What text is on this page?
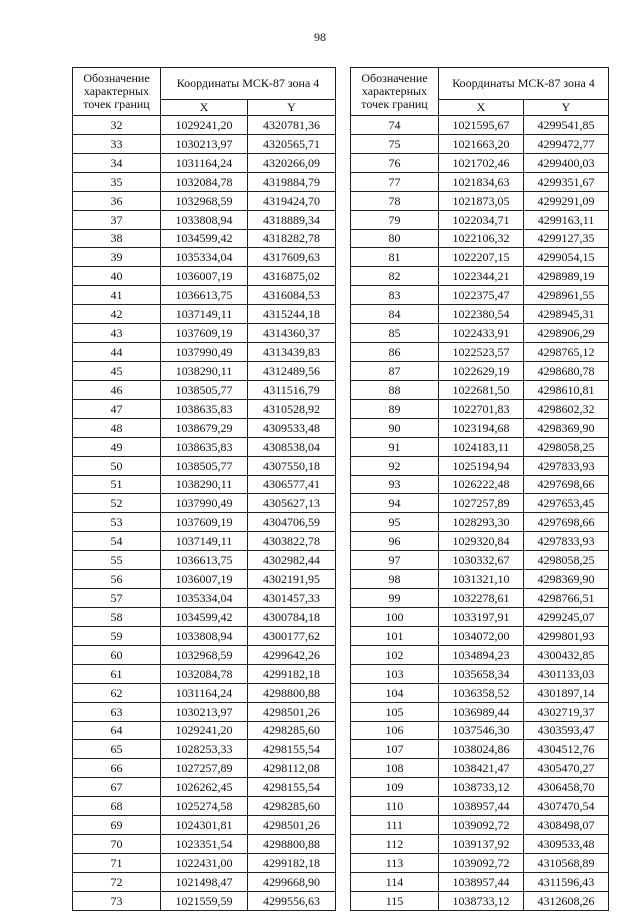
98
Обозначение
характерных
точек границ	Координаты МСК-87 зона 4	
	X	Y
32	1029241,20	4320781,36
33	1030213,97	4320565,71
34	1031164,24	4320266,09
35	1032084,78	4319884,79
36	1032968,59	4319424,70
37	1033808,94	4318889,34
38	1034599,42	4318282,78
39	1035334,04	4317609,63
40	1036007,19	4316875,02
41	1036613,75	4316084,53
42	1037149,11	4315244,18
43	1037609,19	4314360,37
44	1037990,49	4313439,83
45	1038290,11	4312489,56
46	1038505,77	4311516,79
47	1038635,83	4310528,92
48	1038679,29	4309533,48
49	1038635,83	4308538,04
50	1038505,77	4307550,18
51	1038290,11	4306577,41
52	1037990,49	4305627,13
53	1037609,19	4304706,59
54	1037149,11	4303822,78
55	1036613,75	4302982,44
56	1036007,19	4302191,95
57	1035334,04	4301457,33
58	1034599,42	4300784,18
59	1033808,94	4300177,62
60	1032968,59	4299642,26
61	1032084,78	4299182,18
62	1031164,24	4298800,88
63	1030213,97	4298501,26
64	1029241,20	4298285,60
65	1028253,33	4298155,54
66	1027257,89	4298112,08
67	1026262,45	4298155,54
68	1025274,58	4298285,60
69	1024301,81	4298501,26
70	1023351,54	4298800,88
71	1022431,00	4299182,18
72	1021498,47	4299668,90
73	1021559,59	4299556,63
Обозначение
характерных
точек границ	Координаты МСК-87 зона 4	
	X	Y
74	1021595,67	4299541,85
75	1021663,20	4299472,77
76	1021702,46	4299400,03
77	1021834,63	4299351,67
78	1021873,05	4299291,09
79	1022034,71	4299163,11
80	1022106,32	4299127,35
81	1022207,15	4299054,15
82	1022344,21	4298989,19
83	1022375,47	4298961,55
84	1022380,54	4298945,31
85	1022433,91	4298906,29
86	1022523,57	4298765,12
87	1022629,19	4298680,78
88	1022681,50	4298610,81
89	1022701,83	4298602,32
90	1023194,68	4298369,90
91	1024183,11	4298058,25
92	1025194,94	4297833,93
93	1026222,48	4297698,66
94	1027257,89	4297653,45
95	1028293,30	4297698,66
96	1029320,84	4297833,93
97	1030332,67	4298058,25
98	1031321,10	4298369,90
99	1032278,61	4298766,51
100	1033197,91	4299245,07
101	1034072,00	4299801,93
102	1034894,23	4300432,85
103	1035658,34	4301133,03
104	1036358,52	4301897,14
105	1036989,44	4302719,37
106	1037546,30	4303593,47
107	1038024,86	4304512,76
108	1038421,47	4305470,27
109	1038733,12	4306458,70
110	1038957,44	4307470,54
111	1039092,72	4308498,07
112	1039137,92	4309533,48
113	1039092,72	4310568,89
114	1038957,44	4311596,43
115	1038733,12	4312608,26
